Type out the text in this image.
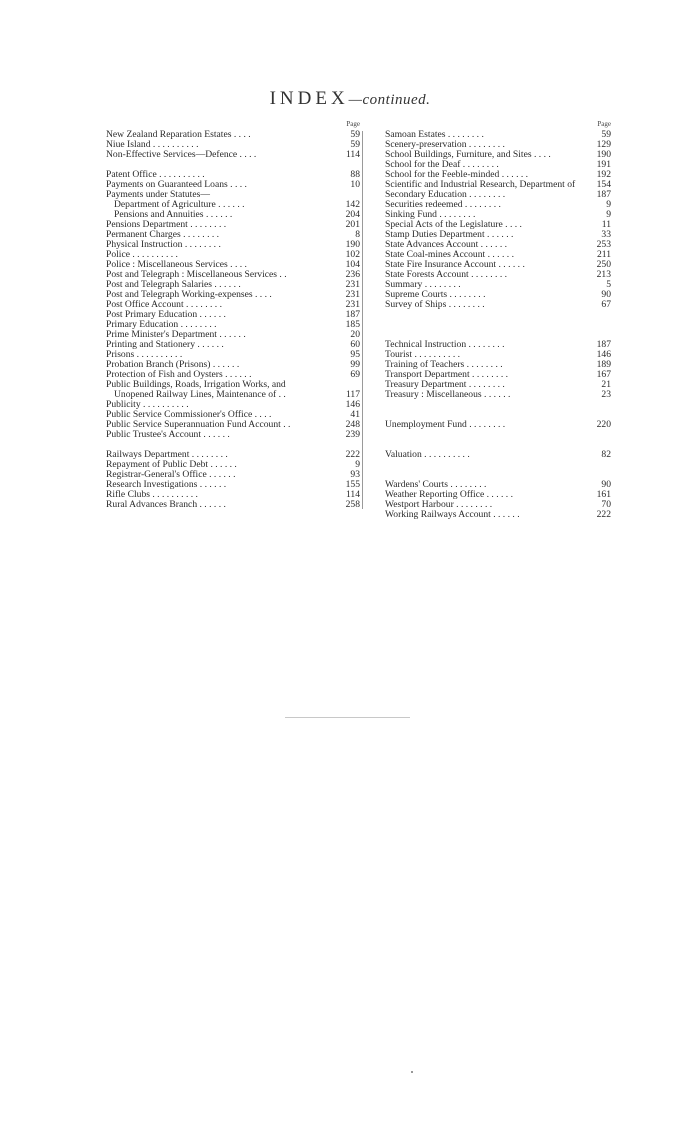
INDEX—continued.
Page
New Zealand Reparation Estates . . . .	59
Niue Island . . . . . . . . . .	59
Non-Effective Services—Defence . . . .	114
Patent Office . . . . . . . . . .	88
Payments on Guaranteed Loans . . . .	10
Payments under Statutes—
Department of Agriculture . . . . . .	142
Pensions and Annuities . . . . . .	204
Pensions Department . . . . . . . .	201
Permanent Charges . . . . . . . .	8
Physical Instruction . . . . . . . .	190
Police . . . . . . . . . .	102
Police : Miscellaneous Services . . . .	104
Post and Telegraph : Miscellaneous Services . .	236
Post and Telegraph Salaries . . . . . .	231
Post and Telegraph Working-expenses . . . .	231
Post Office Account . . . . . . . .	231
Post Primary Education . . . . . .	187
Primary Education . . . . . . . .	185
Prime Minister's Department . . . . . .	20
Printing and Stationery . . . . . .	60
Prisons . . . . . . . . . .	95
Probation Branch (Prisons) . . . . . .	99
Protection of Fish and Oysters . . . . . .	69
Public Buildings, Roads, Irrigation Works, and
Unopened Railway Lines, Maintenance of . .	117
Publicity . . . . . . . . . .	146
Public Service Commissioner's Office . . . .	41
Public Service Superannuation Fund Account . .	248
Public Trustee's Account . . . . . .	239
Railways Department . . . . . . . .	222
Repayment of Public Debt . . . . . .	9
Registrar-General's Office . . . . . .	93
Research Investigations . . . . . .	155
Rifle Clubs . . . . . . . . . .	114
Rural Advances Branch . . . . . .	258
Page
Samoan Estates . . . . . . . .	59
Scenery-preservation . . . . . . . .	129
School Buildings, Furniture, and Sites . . . .	190
School for the Deaf . . . . . . . .	191
School for the Feeble-minded . . . . . .	192
Scientific and Industrial Research, Department of	154
Secondary Education . . . . . . . .	187
Securities redeemed . . . . . . . .	9
Sinking Fund . . . . . . . .	9
Special Acts of the Legislature . . . .	11
Stamp Duties Department . . . . . .	33
State Advances Account . . . . . .	253
State Coal-mines Account . . . . . .	211
State Fire Insurance Account . . . . . .	250
State Forests Account . . . . . . . .	213
Summary . . . . . . . .	5
Supreme Courts . . . . . . . .	90
Survey of Ships . . . . . . . .	67
Technical Instruction . . . . . . . .	187
Tourist . . . . . . . . . .	146
Training of Teachers . . . . . . . .	189
Transport Department . . . . . . . .	167
Treasury Department . . . . . . . .	21
Treasury : Miscellaneous . . . . . .	23
Unemployment Fund . . . . . . . .	220
Valuation . . . . . . . . . .	82
Wardens' Courts . . . . . . . .	90
Weather Reporting Office . . . . . .	161
Westport Harbour . . . . . . . .	70
Working Railways Account . . . . . .	222
